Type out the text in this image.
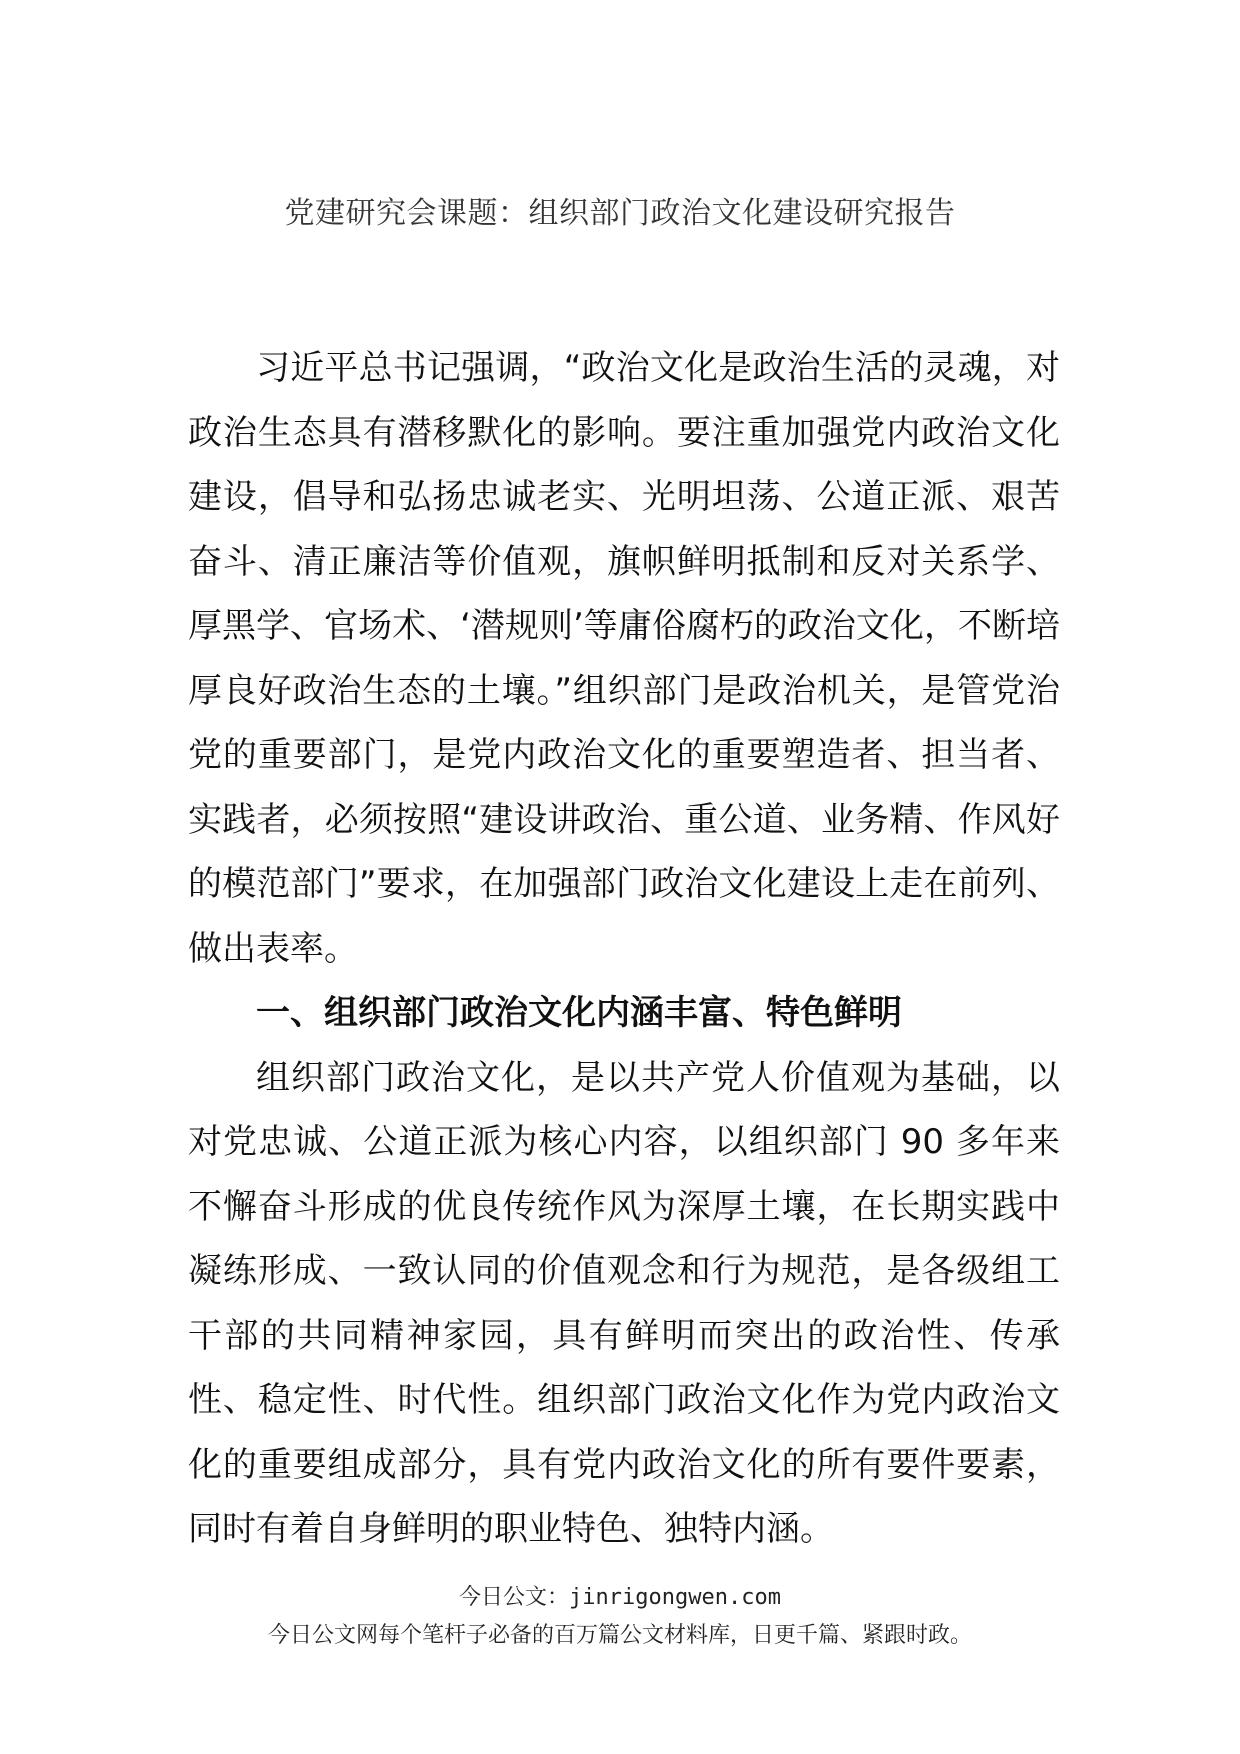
党建研究会课题：组织部门政治文化建设研究报告

习近平总书记强调，“政治文化是政治生活的灵魂，对政治生态具有潜移默化的影响。要注重加强党内政治文化建设，倡导和弘扬忠诚老实、光明坦荡、公道正派、艰苦奋斗、清正廉洁等价值观，旗帜鲜明抵制和反对关系学、厚黑学、官场术、‘潜规则’等庸俗腐朽的政治文化，不断培厚良好政治生态的土壤。”组织部门是政治机关，是管党治党的重要部门，是党内政治文化的重要塑造者、担当者、实践者，必须按照“建设讲政治、重公道、业务精、作风好的模范部门”要求，在加强部门政治文化建设上走在前列、做出表率。

一、组织部门政治文化内涵丰富、特色鲜明

组织部门政治文化，是以共产党人价值观为基础，以对党忠诚、公道正派为核心内容，以组织部门 90 多年来不懈奋斗形成的优良传统作风为深厚土壤，在长期实践中凝练形成、一致认同的价值观念和行为规范，是各级组工干部的共同精神家园，具有鲜明而突出的政治性、传承性、稳定性、时代性。组织部门政治文化作为党内政治文化的重要组成部分，具有党内政治文化的所有要件要素，同时有着自身鲜明的职业特色、独特内涵。

今日公文：jinrigongwen.com

今日公文网每个笔杆子必备的百万篇公文材料库，日更千篇、紧跟时政。
